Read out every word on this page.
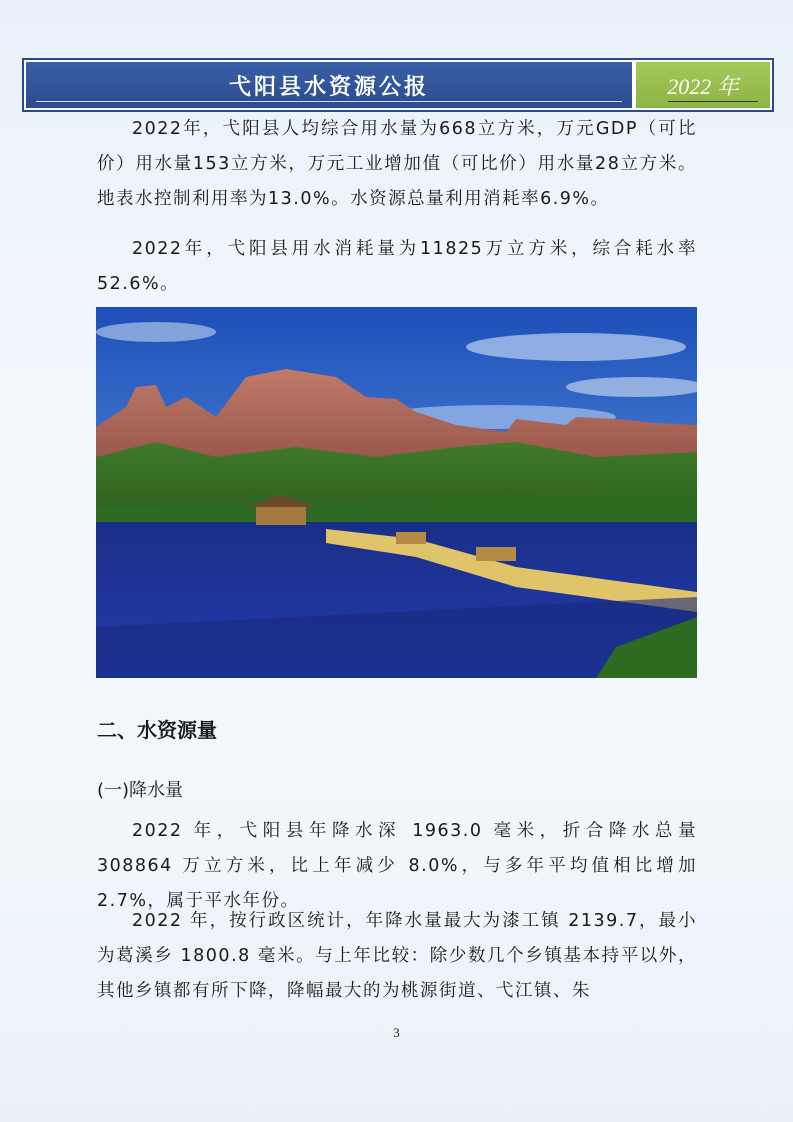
弋阳县水资源公报	2022 年

2022年，弋阳县人均综合用水量为668立方米，万元GDP（可比价）用水量153立方米，万元工业增加值（可比价）用水量28立方米。地表水控制利用率为13.0%。水资源总量利用消耗率6.9%。

2022年，弋阳县用水消耗量为11825万立方米，综合耗水率52.6%。

二、水资源量
(一)降水量

2022 年，弋阳县年降水深 1963.0 毫米，折合降水总量 308864 万立方米，比上年减少 8.0%，与多年平均值相比增加 2.7%，属于平水年份。

2022 年，按行政区统计，年降水量最大为漆工镇 2139.7，最小为葛溪乡 1800.8 毫米。与上年比较：除少数几个乡镇基本持平以外，其他乡镇都有所下降，降幅最大的为桃源街道、弋江镇、朱

3
